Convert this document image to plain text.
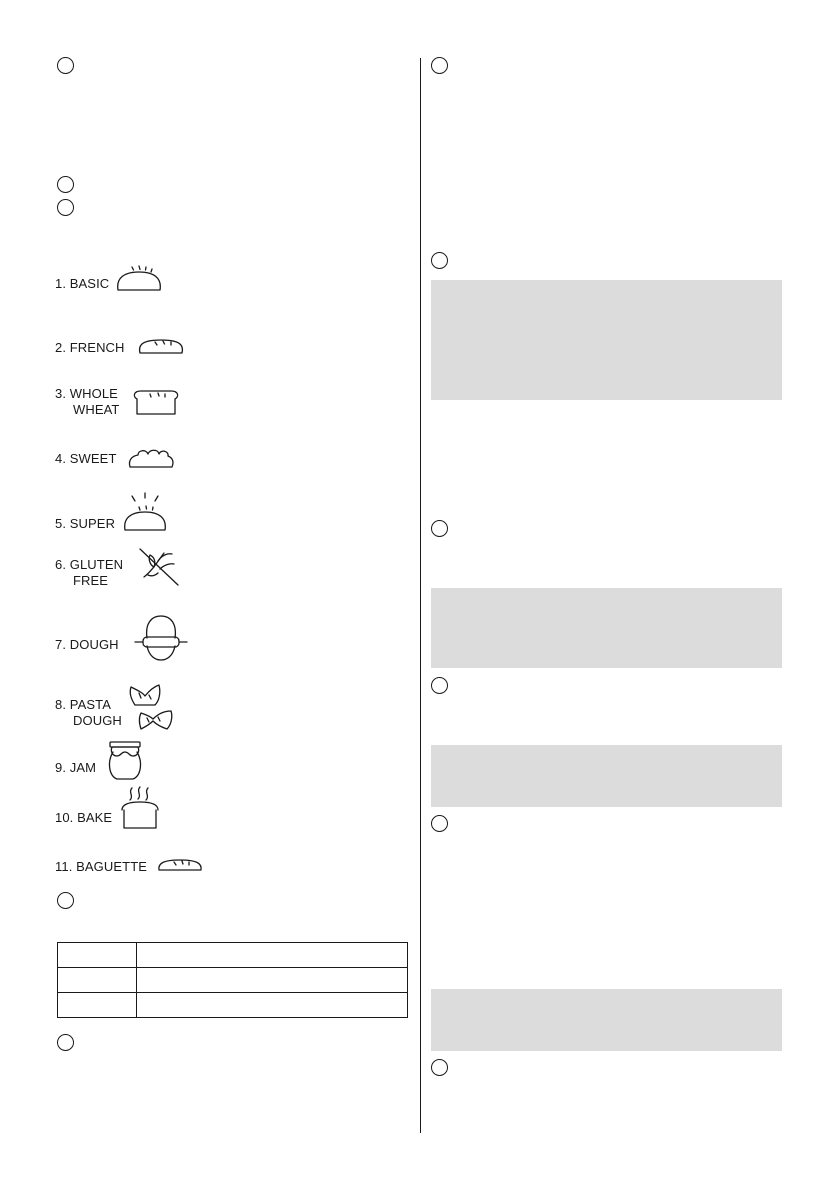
1. BASIC
2. FRENCH
3. WHOLE
WHEAT
4. SWEET
5. SUPER
6. GLUTEN
FREE
7. DOUGH
8. PASTA
DOUGH
9. JAM
10. BAKE
11. BAGUETTE
